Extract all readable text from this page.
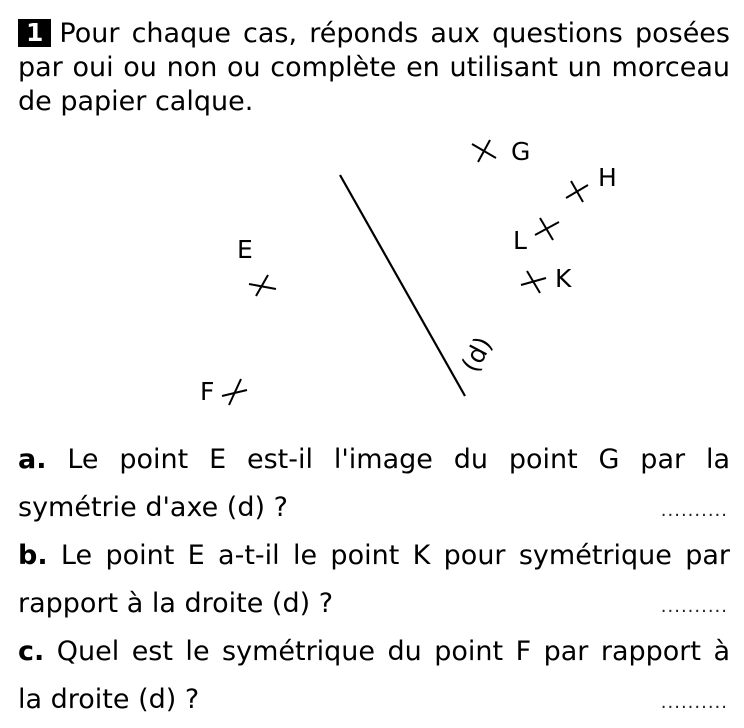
1 Pour chaque cas, réponds aux questions posées par oui ou non ou complète en utilisant un morceau de papier calque.
(d)
G
H
L
K
E
F
a. Le point E est-il l'image du point G par la
symétrie d'axe (d) ?	..........
b. Le point E a-t-il le point K pour symétrique par
rapport à la droite (d) ?	..........
c. Quel est le symétrique du point F par rapport à
la droite (d) ?	..........
